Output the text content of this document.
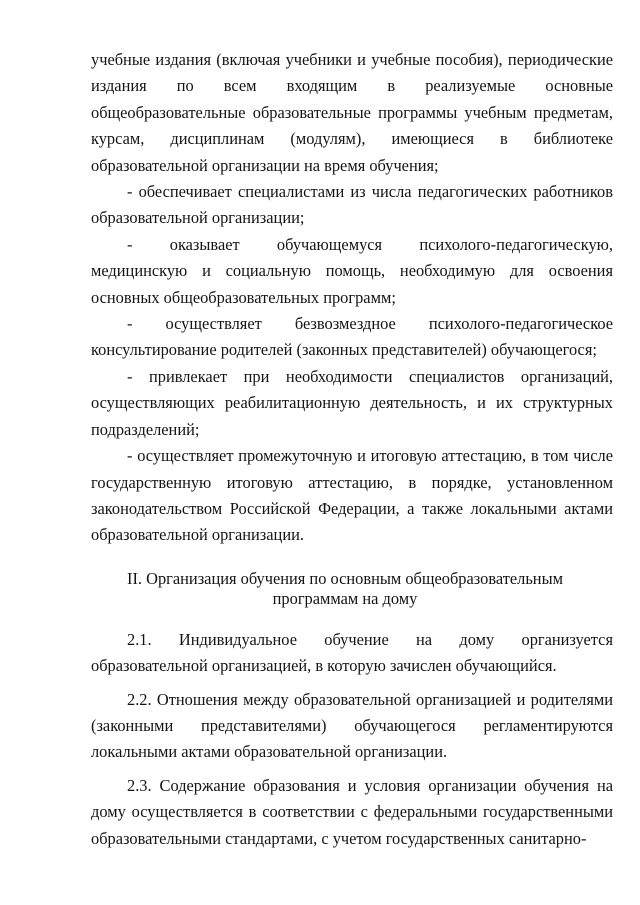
учебные издания (включая учебники и учебные пособия), периодические издания по всем входящим в реализуемые основные общеобразовательные образовательные программы учебным предметам, курсам, дисциплинам (модулям), имеющиеся в библиотеке образовательной организации на время обучения;

- обеспечивает специалистами из числа педагогических работников образовательной организации;

- оказывает обучающемуся психолого-педагогическую, медицинскую и социальную помощь, необходимую для освоения основных общеобразовательных программ;

- осуществляет безвозмездное психолого-педагогическое консультирование родителей (законных представителей) обучающегося;

- привлекает при необходимости специалистов организаций, осуществляющих реабилитационную деятельность, и их структурных подразделений;

- осуществляет промежуточную и итоговую аттестацию, в том числе государственную итоговую аттестацию, в порядке, установленном законодательством Российской Федерации, а также локальными актами образовательной организации.

II. Организация обучения по основным общеобразовательным
программам на дому

2.1. Индивидуальное обучение на дому организуется образовательной организацией, в которую зачислен обучающийся.

2.2. Отношения между образовательной организацией и родителями (законными представителями) обучающегося регламентируются локальными актами образовательной организации.

2.3. Содержание образования и условия организации обучения на дому осуществляется в соответствии с федеральными государственными образовательными стандартами, с учетом государственных санитарно-
